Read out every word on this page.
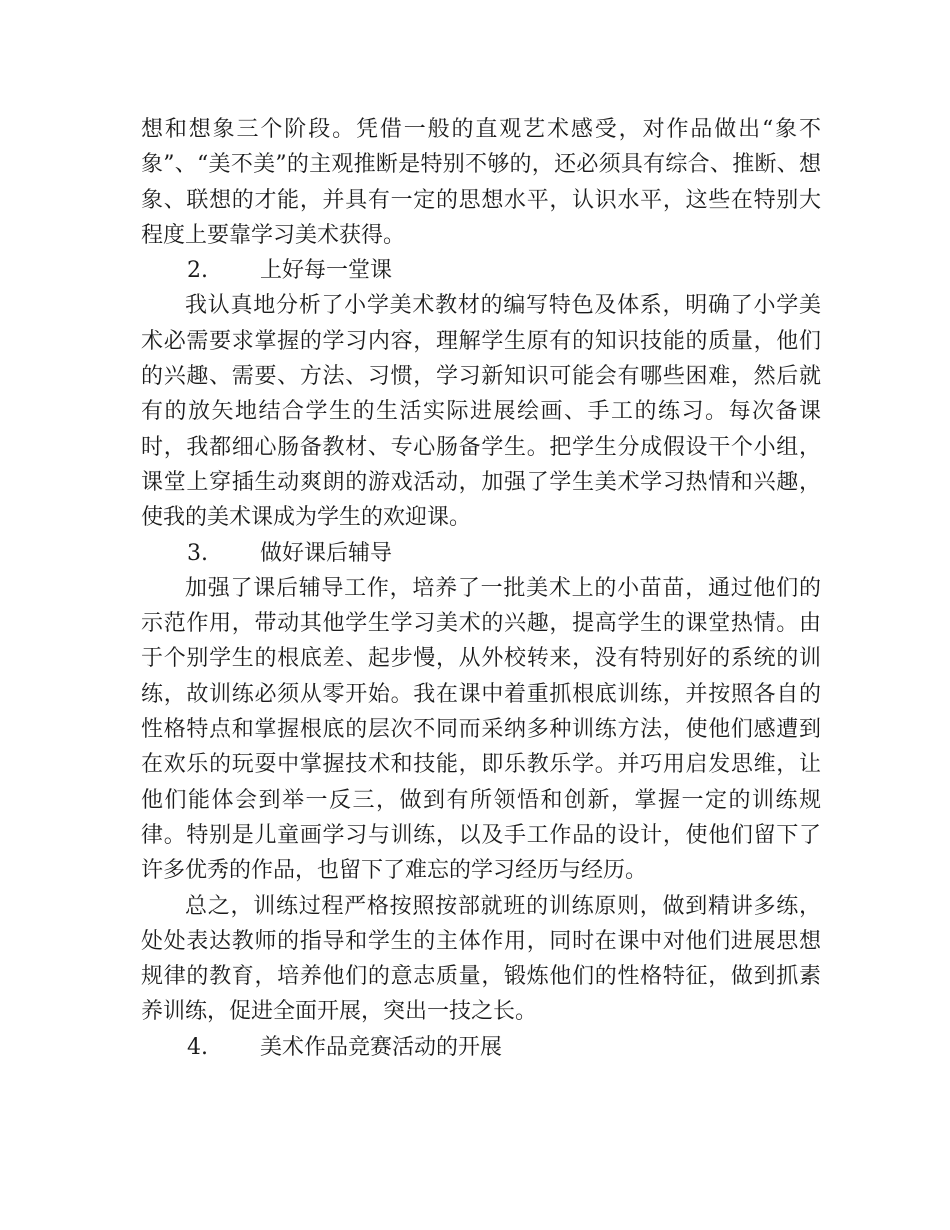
想和想象三个阶段。凭借一般的直观艺术感受，对作品做出“象不象”、“美不美”的主观推断是特别不够的，还必须具有综合、推断、想象、联想的才能，并具有一定的思想水平，认识水平，这些在特别大程度上要靠学习美术获得。

2. 上好每一堂课

我认真地分析了小学美术教材的编写特色及体系，明确了小学美术必需要求掌握的学习内容，理解学生原有的知识技能的质量，他们的兴趣、需要、方法、习惯，学习新知识可能会有哪些困难，然后就有的放矢地结合学生的生活实际进展绘画、手工的练习。每次备课时，我都细心肠备教材、专心肠备学生。把学生分成假设干个小组，课堂上穿插生动爽朗的游戏活动，加强了学生美术学习热情和兴趣，使我的美术课成为学生的欢迎课。

3. 做好课后辅导

加强了课后辅导工作，培养了一批美术上的小苗苗，通过他们的示范作用，带动其他学生学习美术的兴趣，提高学生的课堂热情。由于个别学生的根底差、起步慢，从外校转来，没有特别好的系统的训练，故训练必须从零开始。我在课中着重抓根底训练，并按照各自的性格特点和掌握根底的层次不同而采纳多种训练方法，使他们感遭到在欢乐的玩耍中掌握技术和技能，即乐教乐学。并巧用启发思维，让他们能体会到举一反三，做到有所领悟和创新，掌握一定的训练规律。特别是儿童画学习与训练，以及手工作品的设计，使他们留下了许多优秀的作品，也留下了难忘的学习经历与经历。

总之，训练过程严格按照按部就班的训练原则，做到精讲多练，处处表达教师的指导和学生的主体作用，同时在课中对他们进展思想规律的教育，培养他们的意志质量，锻炼他们的性格特征，做到抓素养训练，促进全面开展，突出一技之长。

4. 美术作品竞赛活动的开展
